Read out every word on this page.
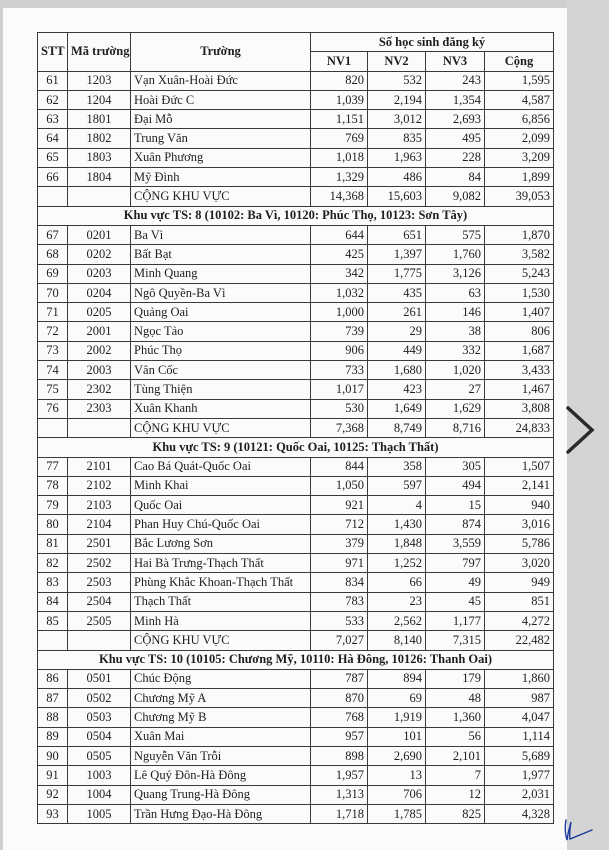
STT	Mã trường	Trường	Số học sinh đăng ký			
			NV1	NV2	NV3	Cộng
61	1203	Vạn Xuân-Hoài Đức	820	532	243	1,595
62	1204	Hoài Đức C	1,039	2,194	1,354	4,587
63	1801	Đại Mỗ	1,151	3,012	2,693	6,856
64	1802	Trung Văn	769	835	495	2,099
65	1803	Xuân Phương	1,018	1,963	228	3,209
66	1804	Mỹ Đình	1,329	486	84	1,899
		CỘNG KHU VỰC	14,368	15,603	9,082	39,053
Khu vực TS: 8 (10102: Ba Vì, 10120: Phúc Thọ, 10123: Sơn Tây)						
67	0201	Ba Vì	644	651	575	1,870
68	0202	Bất Bạt	425	1,397	1,760	3,582
69	0203	Minh Quang	342	1,775	3,126	5,243
70	0204	Ngô Quyền-Ba Vì	1,032	435	63	1,530
71	0205	Quảng Oai	1,000	261	146	1,407
72	2001	Ngọc Tảo	739	29	38	806
73	2002	Phúc Thọ	906	449	332	1,687
74	2003	Vân Cốc	733	1,680	1,020	3,433
75	2302	Tùng Thiện	1,017	423	27	1,467
76	2303	Xuân Khanh	530	1,649	1,629	3,808
		CỘNG KHU VỰC	7,368	8,749	8,716	24,833
Khu vực TS: 9 (10121: Quốc Oai, 10125: Thạch Thất)						
77	2101	Cao Bá Quát-Quốc Oai	844	358	305	1,507
78	2102	Minh Khai	1,050	597	494	2,141
79	2103	Quốc Oai	921	4	15	940
80	2104	Phan Huy Chú-Quốc Oai	712	1,430	874	3,016
81	2501	Bắc Lương Sơn	379	1,848	3,559	5,786
82	2502	Hai Bà Trưng-Thạch Thất	971	1,252	797	3,020
83	2503	Phùng Khắc Khoan-Thạch Thất	834	66	49	949
84	2504	Thạch Thất	783	23	45	851
85	2505	Minh Hà	533	2,562	1,177	4,272
		CỘNG KHU VỰC	7,027	8,140	7,315	22,482
Khu vực TS: 10 (10105: Chương Mỹ, 10110: Hà Đông, 10126: Thanh Oai)						
86	0501	Chúc Động	787	894	179	1,860
87	0502	Chương Mỹ A	870	69	48	987
88	0503	Chương Mỹ B	768	1,919	1,360	4,047
89	0504	Xuân Mai	957	101	56	1,114
90	0505	Nguyễn Văn Trỗi	898	2,690	2,101	5,689
91	1003	Lê Quý Đôn-Hà Đông	1,957	13	7	1,977
92	1004	Quang Trung-Hà Đông	1,313	706	12	2,031
93	1005	Trần Hưng Đạo-Hà Đông	1,718	1,785	825	4,328
